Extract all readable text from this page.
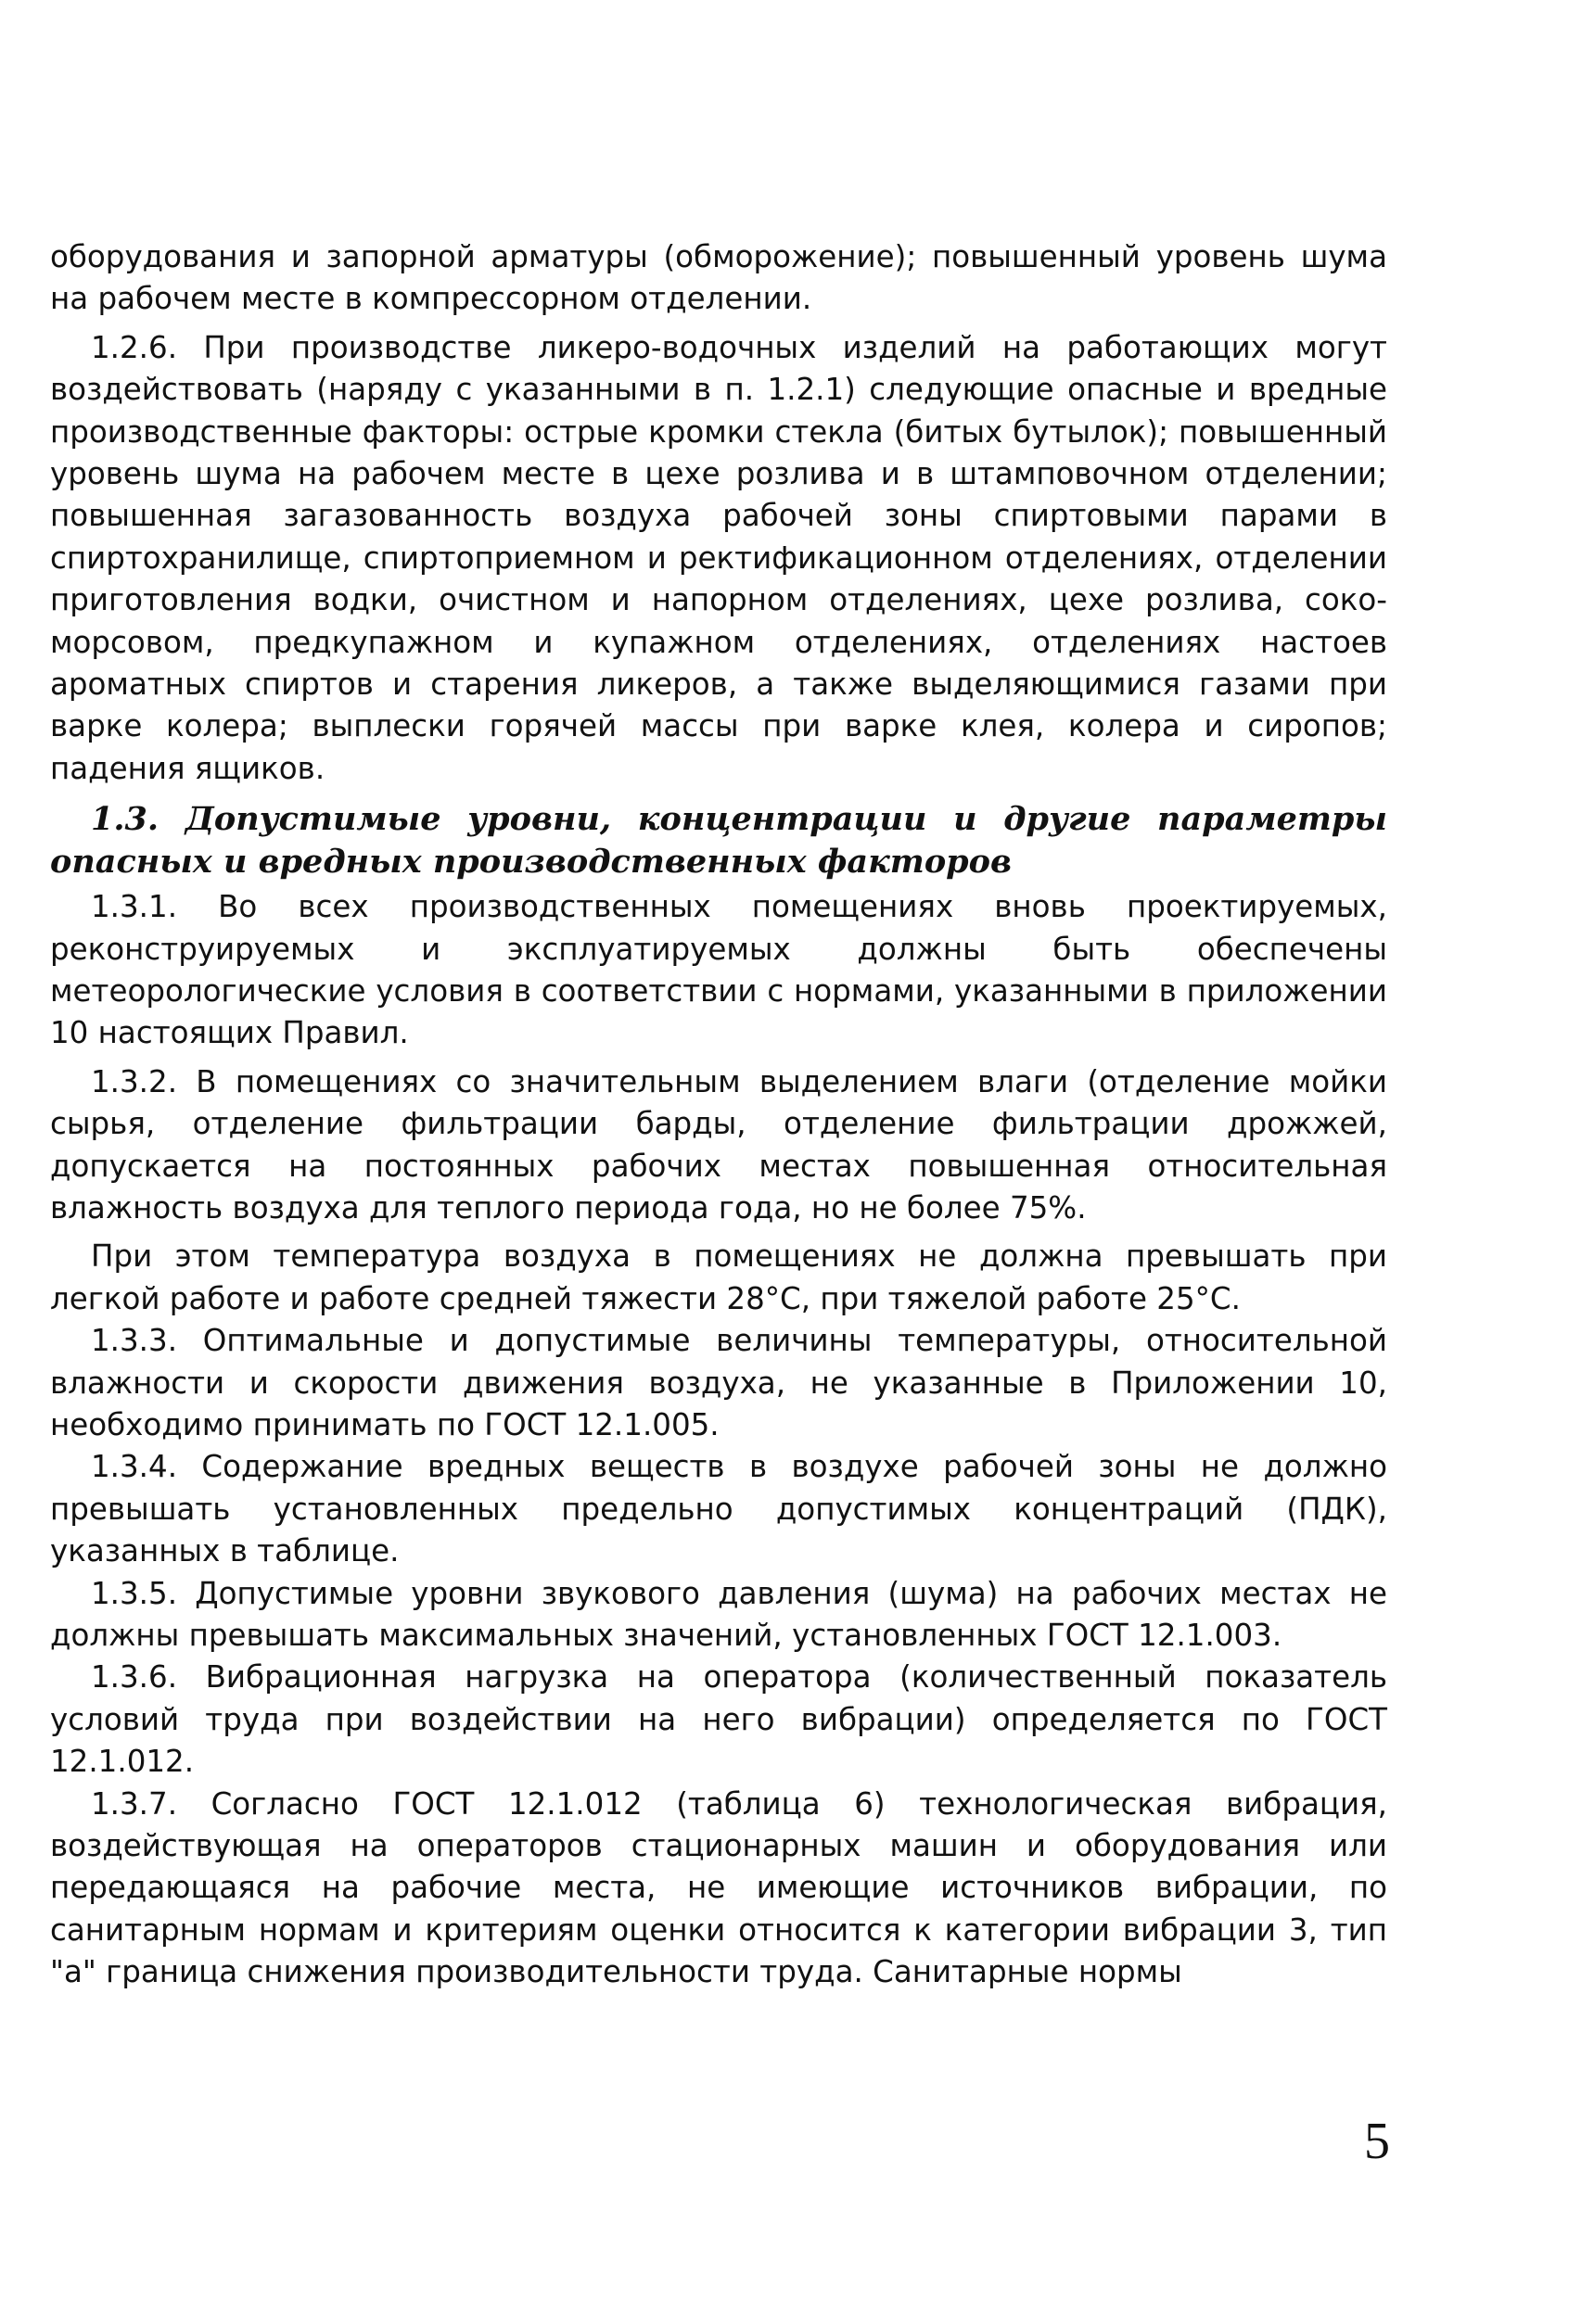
оборудования и запорной арматуры (обморожение); повышенный уровень шума на рабочем месте в компрессорном отделении.

1.2.6. При производстве ликеро-водочных изделий на работающих могут воздействовать (наряду с указанными в п. 1.2.1) следующие опасные и вредные производственные факторы: острые кромки стекла (битых бутылок); повышенный уровень шума на рабочем месте в цехе розлива и в штамповочном отделении; повышенная загазованность воздуха рабочей зоны спиртовыми парами в спиртохранилище, спиртоприемном и ректификационном отделениях, отделении приготовления водки, очистном и напорном отделениях, цехе розлива, соко-морсовом, предкупажном и купажном отделениях, отделениях настоев ароматных спиртов и старения ликеров, а также выделяющимися газами при варке колера; выплески горячей массы при варке клея, колера и сиропов; падения ящиков.

1.3. Допустимые уровни, концентрации и другие параметры опасных и вредных производственных факторов

1.3.1. Во всех производственных помещениях вновь проектируемых, реконструируемых и эксплуатируемых должны быть обеспечены метеорологические условия в соответствии с нормами, указанными в приложении 10 настоящих Правил.

1.3.2. В помещениях со значительным выделением влаги (отделение мойки сырья, отделение фильтрации барды, отделение фильтрации дрожжей, допускается на постоянных рабочих местах повышенная относительная влажность воздуха для теплого периода года, но не более 75%.

При этом температура воздуха в помещениях не должна превышать при легкой работе и работе средней тяжести 28°С, при тяжелой работе 25°С.

1.3.3. Оптимальные и допустимые величины температуры, относительной влажности и скорости движения воздуха, не указанные в Приложении 10, необходимо принимать по ГОСТ 12.1.005.

1.3.4. Содержание вредных веществ в воздухе рабочей зоны не должно превышать установленных предельно допустимых концентраций (ПДК), указанных в таблице.

1.3.5. Допустимые уровни звукового давления (шума) на рабочих местах не должны превышать максимальных значений, установленных ГОСТ 12.1.003.

1.3.6. Вибрационная нагрузка на оператора (количественный показатель условий труда при воздействии на него вибрации) определяется по ГОСТ 12.1.012.

1.3.7. Согласно ГОСТ 12.1.012 (таблица 6) технологическая вибрация, воздействующая на операторов стационарных машин и оборудования или передающаяся на рабочие места, не имеющие источников вибрации, по санитарным нормам и критериям оценки относится к категории вибрации 3, тип "а" граница снижения производительности труда. Санитарные нормы

5
